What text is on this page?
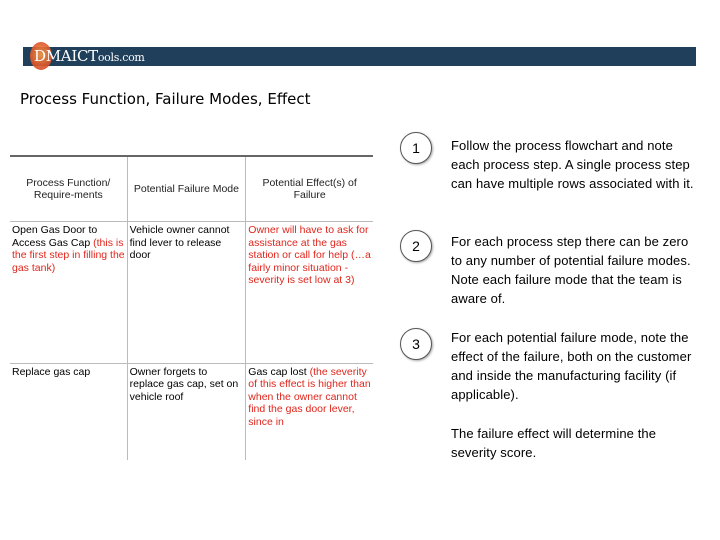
DMAICTools.com
Process Function, Failure Modes, Effect
Process Function/ Require-ments	Potential Failure Mode	Potential Effect(s) of Failure
Open Gas Door to Access Gas Cap (this is the first step in filling the gas tank)	Vehicle owner cannot find lever to release door	Owner will have to ask for assistance at the gas station or call for help (…a fairly minor situation - severity is set low at 3)
Replace gas cap	Owner forgets to replace gas cap, set on vehicle roof	Gas cap lost (the severity of this effect is higher than when the owner cannot find the gas door lever, since in
1	Follow the process flowchart and note each process step. A single process step can have multiple rows associated with it.
2	For each process step there can be zero to any number of potential failure modes. Note each failure mode that the team is aware of.
3	For each potential failure mode, note the effect of the failure, both on the customer and inside the manufacturing facility (if applicable).
The failure effect will determine the severity score.
